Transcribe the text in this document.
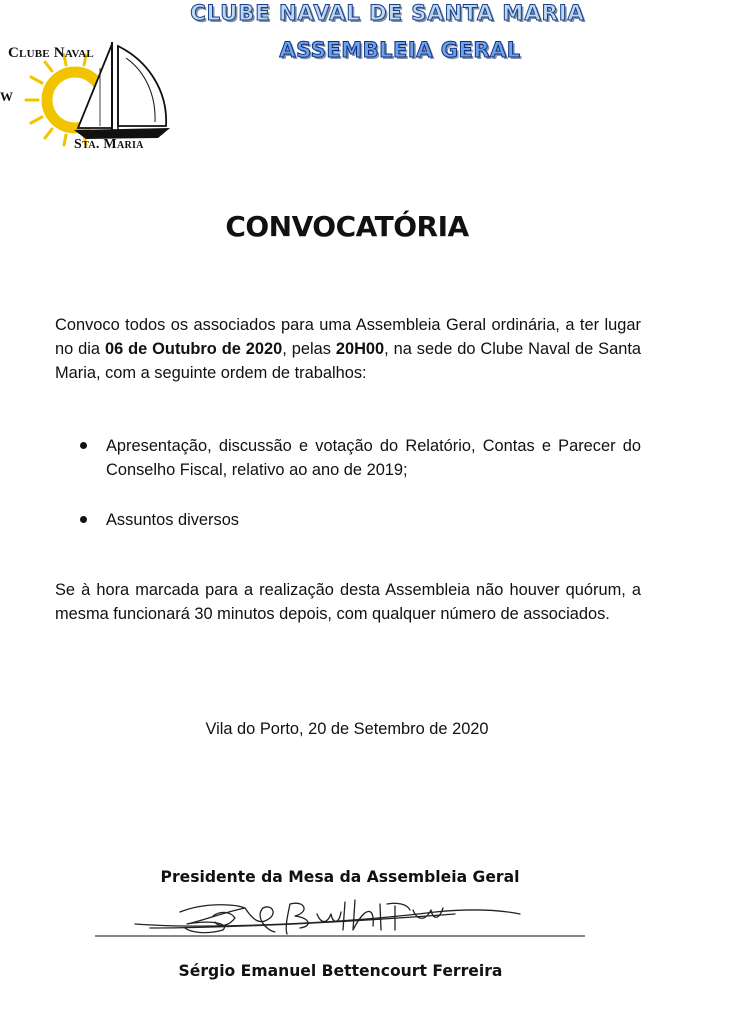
CLUBE NAVAL DE SANTA MARIA
ASSEMBLEIA GERAL
Clube Naval
Sta. Maria
W
CONVOCATÓRIA

Convoco todos os associados para uma Assembleia Geral ordinária, a ter lugar no dia 06 de Outubro de 2020, pelas 20H00, na sede do Clube Naval de Santa Maria, com a seguinte ordem de trabalhos:

Apresentação, discussão e votação do Relatório, Contas e Parecer do Conselho Fiscal, relativo ao ano de 2019;
Assuntos diversos

Se à hora marcada para a realização desta Assembleia não houver quórum, a mesma funcionará 30 minutos depois, com qualquer número de associados.

Vila do Porto, 20 de Setembro de 2020
Presidente da Mesa da Assembleia Geral
Sérgio Emanuel Bettencourt Ferreira
